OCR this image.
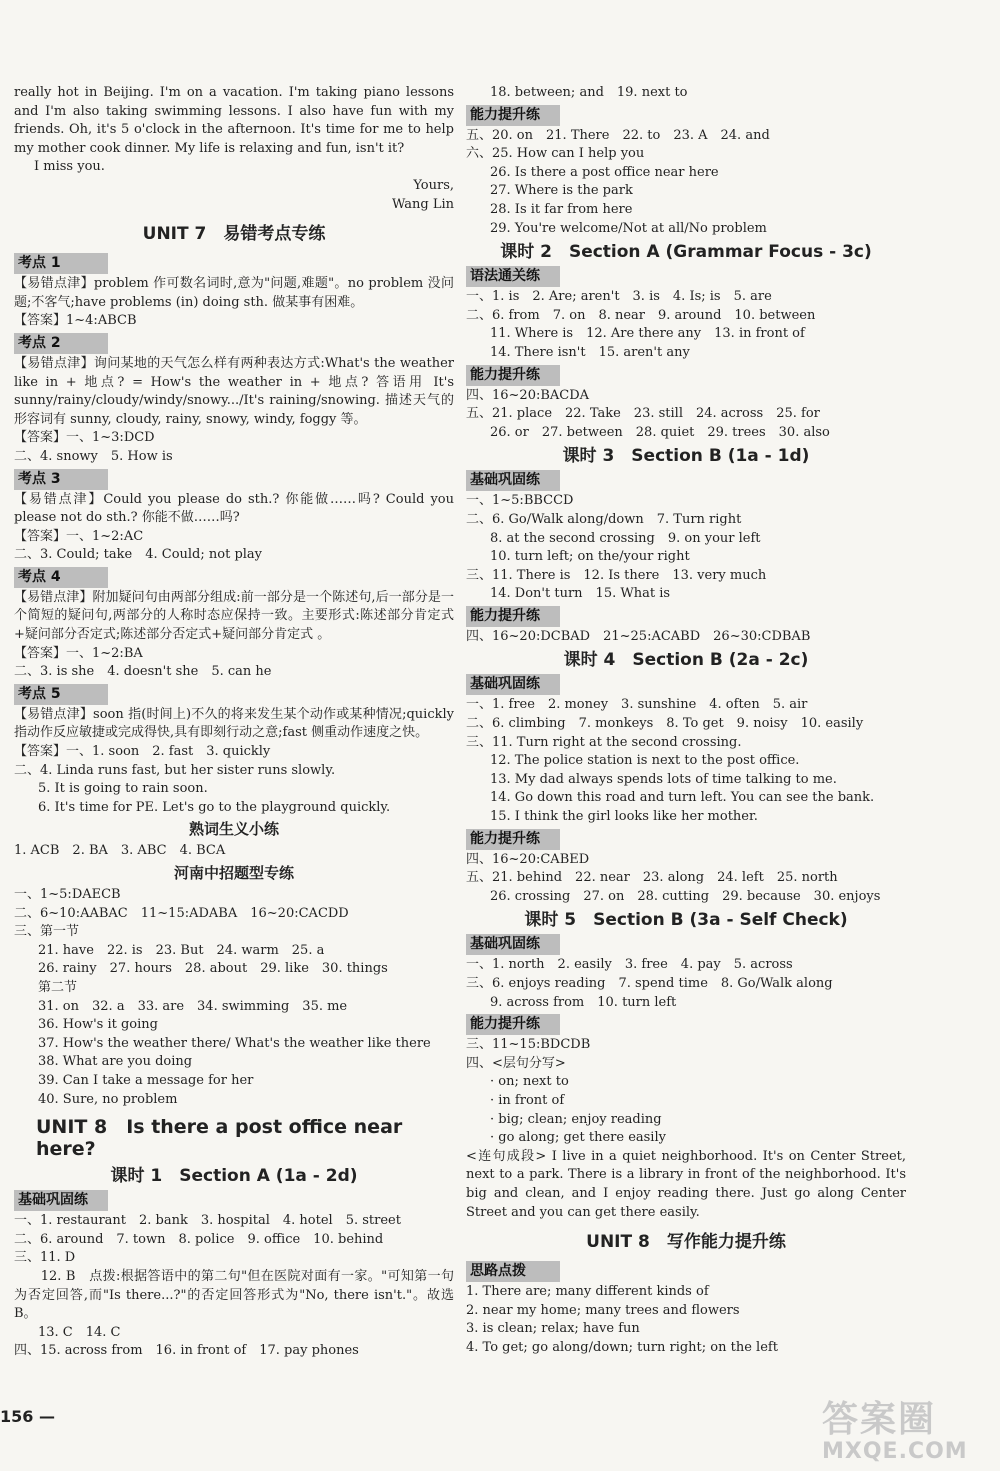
really hot in Beijing. I'm on a vacation. I'm taking piano lessons and I'm also taking swimming lessons. I also have fun with my friends. Oh, it's 5 o'clock in the afternoon. It's time for me to help my mother cook dinner. My life is relaxing and fun, isn't it?
I miss you.
Yours,
Wang Lin
UNIT 7　易错考点专练
考点 1
【易错点津】problem 作可数名词时,意为"问题,难题"。no problem 没问题;不客气;have problems (in) doing sth. 做某事有困难。
【答案】1~4:ABCB
考点 2
【易错点津】询问某地的天气怎么样有两种表达方式:What's the weather like in + 地点? = How's the weather in + 地点? 答语用 It's sunny/rainy/cloudy/windy/snowy.../It's raining/snowing. 描述天气的形容词有 sunny, cloudy, rainy, snowy, windy, foggy 等。
【答案】一、1~3:DCD
二、4. snowy　5. How is
考点 3
【易错点津】Could you please do sth.? 你能做……吗? Could you please not do sth.? 你能不做……吗?
【答案】一、1~2:AC
二、3. Could; take　4. Could; not play
考点 4
【易错点津】附加疑问句由两部分组成:前一部分是一个陈述句,后一部分是一个简短的疑问句,两部分的人称时态应保持一致。主要形式:陈述部分肯定式+疑问部分否定式;陈述部分否定式+疑问部分肯定式 。
【答案】一、1~2:BA
二、3. is she　4. doesn't she　5. can he
考点 5
【易错点津】soon 指(时间上)不久的将来发生某个动作或某种情况;quickly 指动作反应敏捷或完成得快,具有即刻行动之意;fast 侧重动作速度之快。
【答案】一、1. soon　2. fast　3. quickly
二、4. Linda runs fast, but her sister runs slowly.
5. It is going to rain soon.
6. It's time for PE. Let's go to the playground quickly.
熟词生义小练
1. ACB　2. BA　3. ABC　4. BCA
河南中招题型专练
一、1~5:DAECB
二、6~10:AABAC　11~15:ADABA　16~20:CACDD
三、第一节
21. have　22. is　23. But　24. warm　25. a
26. rainy　27. hours　28. about　29. like　30. things
第二节
31. on　32. a　33. are　34. swimming　35. me
36. How's it going
37. How's the weather there/ What's the weather like there
38. What are you doing
39. Can I take a message for her
40. Sure, no problem
UNIT 8　Is there a post office near here?
课时 1　Section A (1a - 2d)
基础巩固练
一、1. restaurant　2. bank　3. hospital　4. hotel　5. street
二、6. around　7. town　8. police　9. office　10. behind
三、11. D
　　12. B　点拨:根据答语中的第二句"但在医院对面有一家。"可知第一句为否定回答,而"Is there...?"的否定回答形式为"No, there isn't."。故选 B。
13. C　14. C
四、15. across from　16. in front of　17. pay phones
18. between; and　19. next to
能力提升练
五、20. on　21. There　22. to　23. A　24. and
六、25. How can I help you
26. Is there a post office near here
27. Where is the park
28. Is it far from here
29. You're welcome/Not at all/No problem
课时 2　Section A (Grammar Focus - 3c)
语法通关练
一、1. is　2. Are; aren't　3. is　4. Is; is　5. are
二、6. from　7. on　8. near　9. around　10. between
11. Where is　12. Are there any　13. in front of
14. There isn't　15. aren't any
能力提升练
四、16~20:BACDA
五、21. place　22. Take　23. still　24. across　25. for
26. or　27. between　28. quiet　29. trees　30. also
课时 3　Section B (1a - 1d)
基础巩固练
一、1~5:BBCCD
二、6. Go/Walk along/down　7. Turn right
8. at the second crossing　9. on your left
10. turn left; on the/your right
三、11. There is　12. Is there　13. very much
14. Don't turn　15. What is
能力提升练
四、16~20:DCBAD　21~25:ACABD　26~30:CDBAB
课时 4　Section B (2a - 2c)
基础巩固练
一、1. free　2. money　3. sunshine　4. often　5. air
二、6. climbing　7. monkeys　8. To get　9. noisy　10. easily
三、11. Turn right at the second crossing.
12. The police station is next to the post office.
13. My dad always spends lots of time talking to me.
14. Go down this road and turn left. You can see the bank.
15. I think the girl looks like her mother.
能力提升练
四、16~20:CABED
五、21. behind　22. near　23. along　24. left　25. north
26. crossing　27. on　28. cutting　29. because　30. enjoys
课时 5　Section B (3a - Self Check)
基础巩固练
一、1. north　2. easily　3. free　4. pay　5. across
三、6. enjoys reading　7. spend time　8. Go/Walk along
9. across from　10. turn left
能力提升练
三、11~15:BDCDB
四、<层句分写>
· on; next to
· in front of
· big; clean; enjoy reading
· go along; get there easily
<连句成段> I live in a quiet neighborhood. It's on Center Street, next to a park. There is a library in front of the neighborhood. It's big and clean, and I enjoy reading there. Just go along Center Street and you can get there easily.
UNIT 8　写作能力提升练
思路点拨
1. There are; many different kinds of
2. near my home; many trees and flowers
3. is clean; relax; have fun
4. To get; go along/down; turn right; on the left
156 —	答案圈
MXQE.COM
